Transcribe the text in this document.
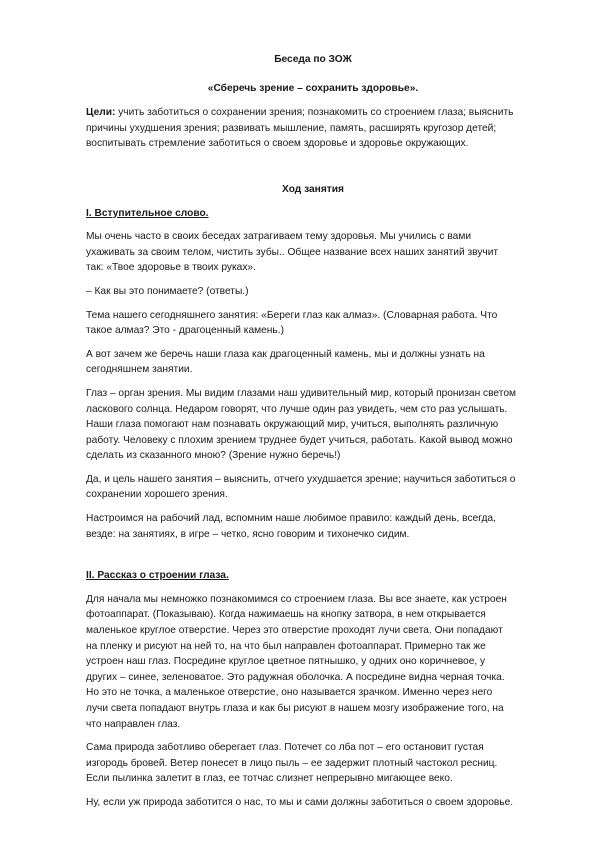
Беседа по ЗОЖ
«Сберечь зрение – сохранить здоровье».

Цели: учить заботиться о сохранении зрения; познакомить со строением глаза; выяснить причины ухудшения зрения; развивать мышление, память, расширять кругозор детей; воспитывать стремление заботиться о своем здоровье и здоровье окружающих.

Ход занятия
I. Вступительное слово.

Мы очень часто в своих беседах затрагиваем тему здоровья. Мы учились с вами ухаживать за своим телом, чистить зубы.. Общее название всех наших занятий звучит так: «Твое здоровье в твоих руках».

– Как вы это понимаете? (ответы.)

Тема нашего сегодняшнего занятия: «Береги глаз как алмаз». (Словарная работа. Что такое алмаз? Это - драгоценный камень.)

А вот зачем же беречь наши глаза как драгоценный камень, мы и должны узнать на сегодняшнем занятии.

Глаз – орган зрения. Мы видим глазами наш удивительный мир, который пронизан светом ласкового солнца. Недаром говорят, что лучше один раз увидеть, чем сто раз услышать. Наши глаза помогают нам познавать окружающий мир, учиться, выполнять различную работу. Человеку с плохим зрением труднее будет учиться, работать. Какой вывод можно сделать из сказанного мною? (Зрение нужно беречь!)

Да, и цель нашего занятия – выяснить, отчего ухудшается зрение; научиться заботиться о сохранении хорошего зрения.

Настроимся на рабочий лад, вспомним наше любимое правило: каждый день, всегда, везде: на занятиях, в игре – четко, ясно говорим и тихонечко сидим.

II. Рассказ о строении глаза.

Для начала мы немножко познакомимся со строением глаза. Вы все знаете, как устроен фотоаппарат. (Показываю). Когда нажимаешь на кнопку затвора, в нем открывается маленькое круглое отверстие. Через это отверстие проходят лучи света. Они попадают на пленку и рисуют на ней то, на что был направлен фотоаппарат. Примерно так же устроен наш глаз. Посредине круглое цветное пятнышко, у одних оно коричневое, у других – синее, зеленоватое. Это радужная оболочка. А посредине видна черная точка. Но это не точка, а маленькое отверстие, оно называется зрачком. Именно через него лучи света попадают внутрь глаза и как бы рисуют в нашем мозгу изображение того, на что направлен глаз.

Сама природа заботливо оберегает глаз. Потечет со лба пот – его остановит густая изгородь бровей. Ветер понесет в лицо пыль – ее задержит плотный частокол ресниц. Если пылинка залетит в глаз, ее тотчас слизнет непрерывно мигающее веко.

Ну, если уж природа заботится о нас, то мы и сами должны заботиться о своем здоровье.
